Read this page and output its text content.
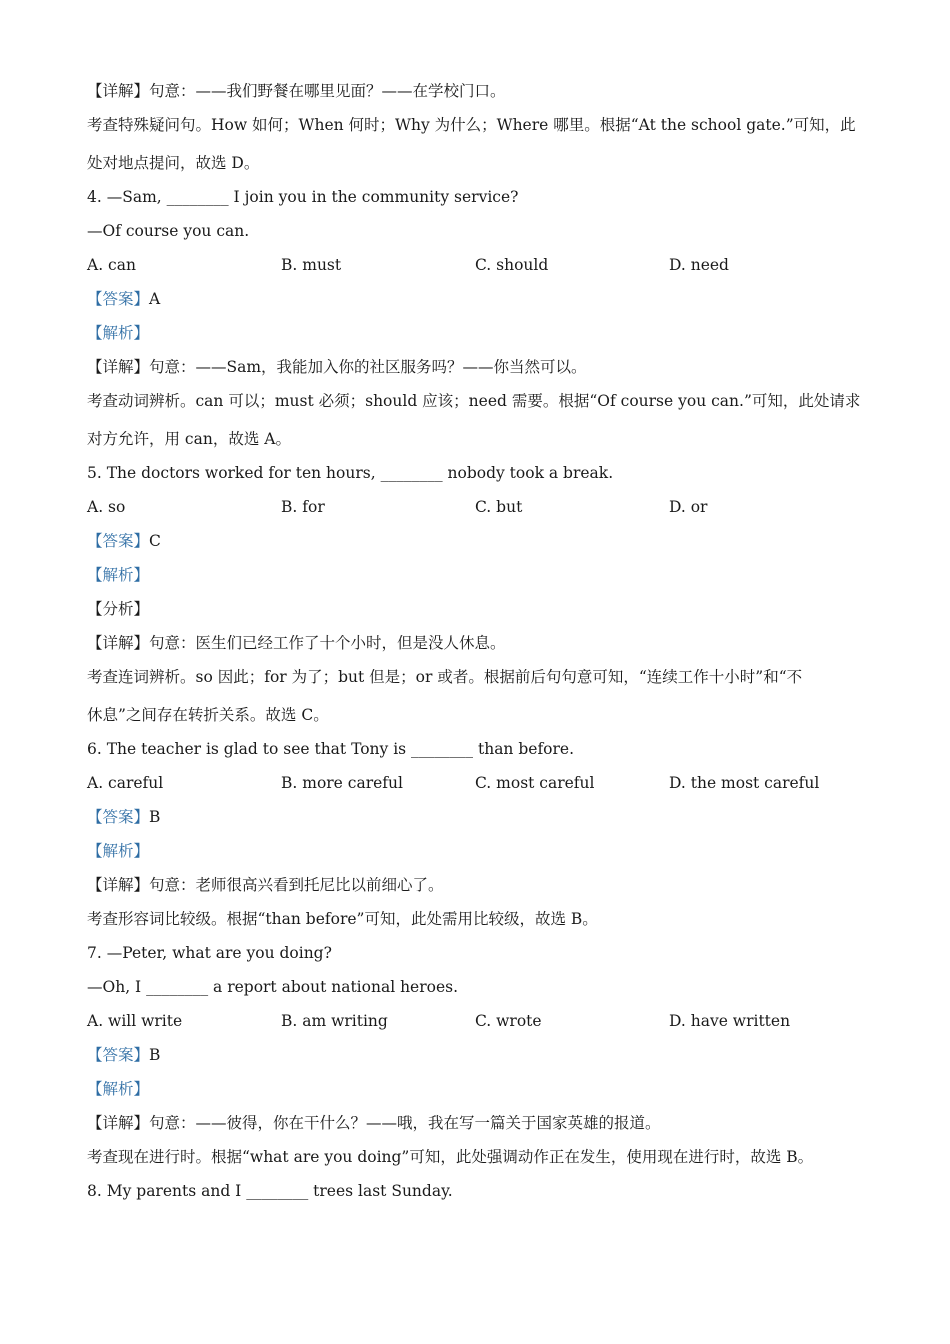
【详解】句意：——我们野餐在哪里见面？——在学校门口。
考查特殊疑问句。How 如何；When 何时；Why 为什么；Where 哪里。根据“At the school gate.”可知，此
处对地点提问，故选 D。
4. —Sam, ________ I join you in the community service?
—Of course you can.
A. can	B. must	C. should	D. need
【答案】A
【解析】
【详解】句意：——Sam，我能加入你的社区服务吗？——你当然可以。
考查动词辨析。can 可以；must 必须；should 应该；need 需要。根据“Of course you can.”可知，此处请求
对方允许，用 can，故选 A。
5. The doctors worked for ten hours, ________ nobody took a break.
A. so	B. for	C. but	D. or
【答案】C
【解析】
【分析】
【详解】句意：医生们已经工作了十个小时，但是没人休息。
考查连词辨析。so 因此；for 为了；but 但是；or 或者。根据前后句句意可知，“连续工作十小时”和“不
休息”之间存在转折关系。故选 C。
6. The teacher is glad to see that Tony is ________ than before.
A. careful	B. more careful	C. most careful	D. the most careful
【答案】B
【解析】
【详解】句意：老师很高兴看到托尼比以前细心了。
考查形容词比较级。根据“than before”可知，此处需用比较级，故选 B。
7. —Peter, what are you doing?
—Oh, I ________ a report about national heroes.
A. will write	B. am writing	C. wrote	D. have written
【答案】B
【解析】
【详解】句意：——彼得，你在干什么？——哦，我在写一篇关于国家英雄的报道。
考查现在进行时。根据“what are you doing”可知，此处强调动作正在发生，使用现在进行时，故选 B。
8. My parents and I ________ trees last Sunday.
